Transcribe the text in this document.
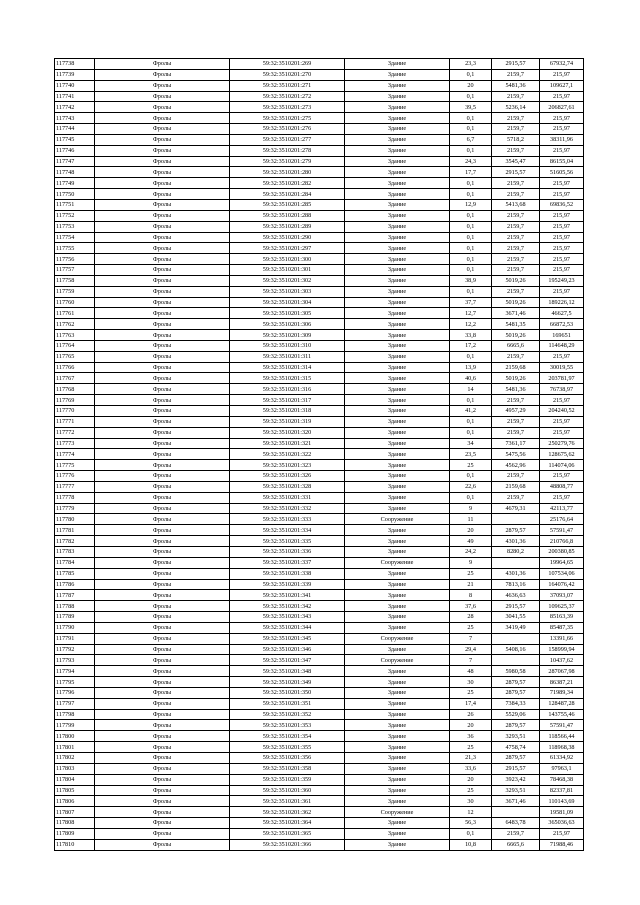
117738	Фролы	59:32:3510201:269	Здание	23,3	2915,57	67932,74
117739	Фролы	59:32:3510201:270	Здание	0,1	2159,7	215,97
117740	Фролы	59:32:3510201:271	Здание	20	5481,36	109627,1
117741	Фролы	59:32:3510201:272	Здание	0,1	2159,7	215,97
117742	Фролы	59:32:3510201:273	Здание	39,5	5236,14	206827,61
117743	Фролы	59:32:3510201:275	Здание	0,1	2159,7	215,97
117744	Фролы	59:32:3510201:276	Здание	0,1	2159,7	215,97
117745	Фролы	59:32:3510201:277	Здание	6,7	5718,2	38311,96
117746	Фролы	59:32:3510201:278	Здание	0,1	2159,7	215,97
117747	Фролы	59:32:3510201:279	Здание	24,3	3545,47	86155,04
117748	Фролы	59:32:3510201:280	Здание	17,7	2915,57	51605,56
117749	Фролы	59:32:3510201:282	Здание	0,1	2159,7	215,97
117750	Фролы	59:32:3510201:284	Здание	0,1	2159,7	215,97
117751	Фролы	59:32:3510201:285	Здание	12,9	5413,68	69836,52
117752	Фролы	59:32:3510201:288	Здание	0,1	2159,7	215,97
117753	Фролы	59:32:3510201:289	Здание	0,1	2159,7	215,97
117754	Фролы	59:32:3510201:290	Здание	0,1	2159,7	215,97
117755	Фролы	59:32:3510201:297	Здание	0,1	2159,7	215,97
117756	Фролы	59:32:3510201:300	Здание	0,1	2159,7	215,97
117757	Фролы	59:32:3510201:301	Здание	0,1	2159,7	215,97
117758	Фролы	59:32:3510201:302	Здание	38,9	5019,26	195249,23
117759	Фролы	59:32:3510201:303	Здание	0,1	2159,7	215,97
117760	Фролы	59:32:3510201:304	Здание	37,7	5019,26	189226,12
117761	Фролы	59:32:3510201:305	Здание	12,7	3671,46	46627,5
117762	Фролы	59:32:3510201:306	Здание	12,2	5481,35	66872,53
117763	Фролы	59:32:3510201:309	Здание	33,8	5019,26	169651
117764	Фролы	59:32:3510201:310	Здание	17,2	6665,6	114648,29
117765	Фролы	59:32:3510201:311	Здание	0,1	2159,7	215,97
117766	Фролы	59:32:3510201:314	Здание	13,9	2159,68	30019,55
117767	Фролы	59:32:3510201:315	Здание	40,6	5019,26	203781,97
117768	Фролы	59:32:3510201:316	Здание	14	5481,36	76738,97
117769	Фролы	59:32:3510201:317	Здание	0,1	2159,7	215,97
117770	Фролы	59:32:3510201:318	Здание	41,2	4957,29	204240,52
117771	Фролы	59:32:3510201:319	Здание	0,1	2159,7	215,97
117772	Фролы	59:32:3510201:320	Здание	0,1	2159,7	215,97
117773	Фролы	59:32:3510201:321	Здание	34	7361,17	250279,76
117774	Фролы	59:32:3510201:322	Здание	23,5	5475,56	128675,62
117775	Фролы	59:32:3510201:323	Здание	25	4562,96	114074,06
117776	Фролы	59:32:3510201:326	Здание	0,1	2159,7	215,97
117777	Фролы	59:32:3510201:328	Здание	22,6	2159,68	48808,77
117778	Фролы	59:32:3510201:331	Здание	0,1	2159,7	215,97
117779	Фролы	59:32:3510201:332	Здание	9	4679,31	42113,77
117780	Фролы	59:32:3510201:333	Сооружение	11		25176,64
117781	Фролы	59:32:3510201:334	Здание	20	2879,57	57591,47
117782	Фролы	59:32:3510201:335	Здание	49	4301,36	210766,8
117783	Фролы	59:32:3510201:336	Здание	24,2	8280,2	200380,85
117784	Фролы	59:32:3510201:337	Сооружение	9		19964,65
117785	Фролы	59:32:3510201:338	Здание	25	4301,36	107534,06
117786	Фролы	59:32:3510201:339	Здание	21	7813,16	164076,42
117787	Фролы	59:32:3510201:341	Здание	8	4636,63	37093,07
117788	Фролы	59:32:3510201:342	Здание	37,6	2915,57	109625,37
117789	Фролы	59:32:3510201:343	Здание	28	3041,55	85163,39
117790	Фролы	59:32:3510201:344	Здание	25	3419,49	85487,35
117791	Фролы	59:32:3510201:345	Сооружение	7		13391,66
117792	Фролы	59:32:3510201:346	Здание	29,4	5408,16	158999,94
117793	Фролы	59:32:3510201:347	Сооружение	7		10437,62
117794	Фролы	59:32:3510201:348	Здание	48	5980,58	287067,98
117795	Фролы	59:32:3510201:349	Здание	30	2879,57	86387,21
117796	Фролы	59:32:3510201:350	Здание	25	2879,57	71989,34
117797	Фролы	59:32:3510201:351	Здание	17,4	7384,33	128487,28
117798	Фролы	59:32:3510201:352	Здание	26	5529,06	143755,46
117799	Фролы	59:32:3510201:353	Здание	20	2879,57	57591,47
117800	Фролы	59:32:3510201:354	Здание	36	3293,51	118566,44
117801	Фролы	59:32:3510201:355	Здание	25	4758,74	118968,38
117802	Фролы	59:32:3510201:356	Здание	21,3	2879,57	61334,92
117803	Фролы	59:32:3510201:358	Здание	33,6	2915,57	97963,1
117804	Фролы	59:32:3510201:359	Здание	20	3923,42	78468,38
117805	Фролы	59:32:3510201:360	Здание	25	3293,51	82337,81
117806	Фролы	59:32:3510201:361	Здание	30	3671,46	110143,69
117807	Фролы	59:32:3510201:362	Сооружение	12		19581,09
117808	Фролы	59:32:3510201:364	Здание	56,3	6483,78	365036,63
117809	Фролы	59:32:3510201:365	Здание	0,1	2159,7	215,97
117810	Фролы	59:32:3510201:366	Здание	10,8	6665,6	71988,46
